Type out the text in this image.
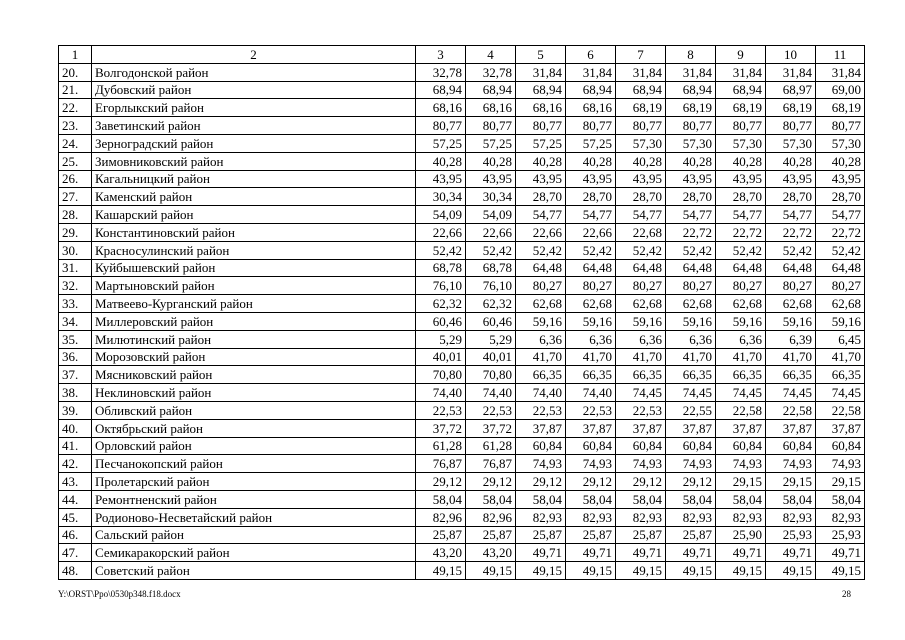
1	2	3	4	5	6	7	8	9	10	11
20.	Волгодонской район	32,78	32,78	31,84	31,84	31,84	31,84	31,84	31,84	31,84
21.	Дубовский район	68,94	68,94	68,94	68,94	68,94	68,94	68,94	68,97	69,00
22.	Егорлыкский район	68,16	68,16	68,16	68,16	68,19	68,19	68,19	68,19	68,19
23.	Заветинский район	80,77	80,77	80,77	80,77	80,77	80,77	80,77	80,77	80,77
24.	Зерноградский район	57,25	57,25	57,25	57,25	57,30	57,30	57,30	57,30	57,30
25.	Зимовниковский район	40,28	40,28	40,28	40,28	40,28	40,28	40,28	40,28	40,28
26.	Кагальницкий район	43,95	43,95	43,95	43,95	43,95	43,95	43,95	43,95	43,95
27.	Каменский район	30,34	30,34	28,70	28,70	28,70	28,70	28,70	28,70	28,70
28.	Кашарский район	54,09	54,09	54,77	54,77	54,77	54,77	54,77	54,77	54,77
29.	Константиновский район	22,66	22,66	22,66	22,66	22,68	22,72	22,72	22,72	22,72
30.	Красносулинский район	52,42	52,42	52,42	52,42	52,42	52,42	52,42	52,42	52,42
31.	Куйбышевский район	68,78	68,78	64,48	64,48	64,48	64,48	64,48	64,48	64,48
32.	Мартыновский район	76,10	76,10	80,27	80,27	80,27	80,27	80,27	80,27	80,27
33.	Матвеево-Курганский район	62,32	62,32	62,68	62,68	62,68	62,68	62,68	62,68	62,68
34.	Миллеровский район	60,46	60,46	59,16	59,16	59,16	59,16	59,16	59,16	59,16
35.	Милютинский район	5,29	5,29	6,36	6,36	6,36	6,36	6,36	6,39	6,45
36.	Морозовский район	40,01	40,01	41,70	41,70	41,70	41,70	41,70	41,70	41,70
37.	Мясниковский район	70,80	70,80	66,35	66,35	66,35	66,35	66,35	66,35	66,35
38.	Неклиновский район	74,40	74,40	74,40	74,40	74,45	74,45	74,45	74,45	74,45
39.	Обливский район	22,53	22,53	22,53	22,53	22,53	22,55	22,58	22,58	22,58
40.	Октябрьский район	37,72	37,72	37,87	37,87	37,87	37,87	37,87	37,87	37,87
41.	Орловский район	61,28	61,28	60,84	60,84	60,84	60,84	60,84	60,84	60,84
42.	Песчанокопский район	76,87	76,87	74,93	74,93	74,93	74,93	74,93	74,93	74,93
43.	Пролетарский район	29,12	29,12	29,12	29,12	29,12	29,12	29,15	29,15	29,15
44.	Ремонтненский район	58,04	58,04	58,04	58,04	58,04	58,04	58,04	58,04	58,04
45.	Родионово-Несветайский район	82,96	82,96	82,93	82,93	82,93	82,93	82,93	82,93	82,93
46.	Сальский район	25,87	25,87	25,87	25,87	25,87	25,87	25,90	25,93	25,93
47.	Семикаракорский район	43,20	43,20	49,71	49,71	49,71	49,71	49,71	49,71	49,71
48.	Советский район	49,15	49,15	49,15	49,15	49,15	49,15	49,15	49,15	49,15
Y:\ORST\Ppo\0530p348.f18.docx	28
